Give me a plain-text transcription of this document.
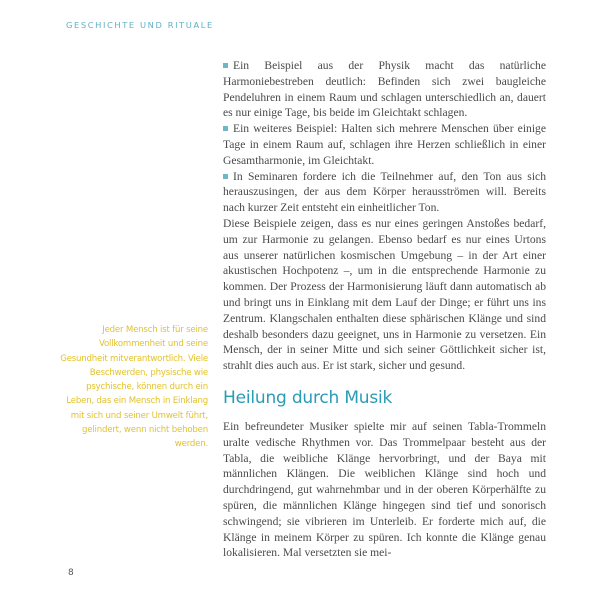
GESCHICHTE UND RITUALE

Ein Beispiel aus der Physik macht das natürliche Harmoniebestreben deutlich: Befinden sich zwei baugleiche Pendeluhren in einem Raum und schlagen unterschiedlich an, dauert es nur einige Tage, bis beide im Gleichtakt schlagen.

Ein weiteres Beispiel: Halten sich mehrere Menschen über einige Tage in einem Raum auf, schlagen ihre Herzen schließlich in einer Gesamtharmonie, im Gleichtakt.

In Seminaren fordere ich die Teilnehmer auf, den Ton aus sich herauszusingen, der aus dem Körper herausströmen will. Bereits nach kurzer Zeit entsteht ein einheitlicher Ton.

Diese Beispiele zeigen, dass es nur eines geringen Anstoßes bedarf, um zur Harmonie zu gelangen. Ebenso bedarf es nur eines Urtons aus unserer natürlichen kosmischen Umgebung – in der Art einer akustischen Hochpotenz –, um in die entsprechende Harmonie zu kommen. Der Prozess der Harmonisierung läuft dann automatisch ab und bringt uns in Einklang mit dem Lauf der Dinge; er führt uns ins Zentrum. Klangschalen enthalten diese sphärischen Klänge und sind deshalb besonders dazu geeignet, uns in Harmonie zu versetzen. Ein Mensch, der in seiner Mitte und sich seiner Göttlichkeit sicher ist, strahlt dies auch aus. Er ist stark, sicher und gesund.

Heilung durch Musik

Ein befreundeter Musiker spielte mir auf seinen Tabla-Trommeln uralte vedische Rhythmen vor. Das Trommelpaar besteht aus der Tabla, die weibliche Klänge hervorbringt, und der Baya mit männlichen Klängen. Die weiblichen Klänge sind hoch und durchdringend, gut wahrnehmbar und in der oberen Körperhälfte zu spüren, die männlichen Klänge hingegen sind tief und sonorisch schwingend; sie vibrieren im Unterleib. Er forderte mich auf, die Klänge in meinem Körper zu spüren. Ich konnte die Klänge genau lokalisieren. Mal versetzten sie mei-

Jeder Mensch ist für seine Vollkommenheit und seine Gesundheit mitverantwortlich. Viele Beschwerden, physische wie psychische, können durch ein Leben, das ein Mensch in Einklang mit sich und seiner Umwelt führt, gelindert, wenn nicht behoben werden.
8
